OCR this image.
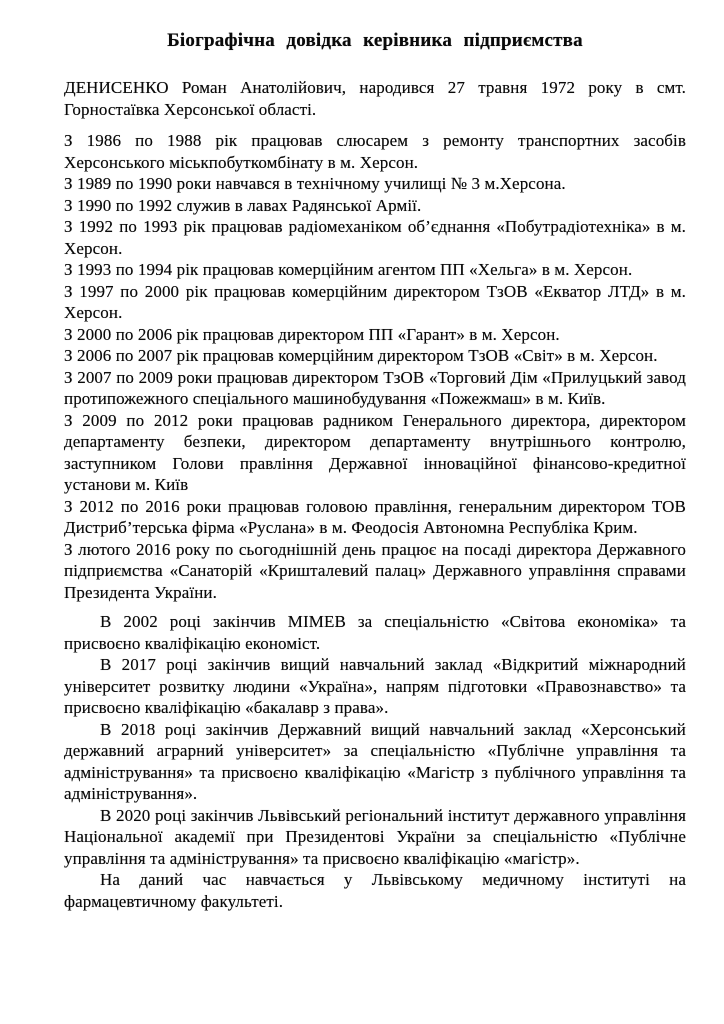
Біографічна довідка керівника підприємства

ДЕНИСЕНКО Роман Анатолійович, народився 27 травня 1972 року в смт. Горностаївка Херсонської області.

З 1986 по 1988 рік працював слюсарем з ремонту транспортних засобів Херсонського міськпобуткомбінату в м. Херсон.

З 1989 по 1990 роки навчався в технічному училищі № 3 м.Херсона.

З 1990 по 1992 служив в лавах Радянської Армії.

З 1992 по 1993 рік працював радіомеханіком об’єднання «Побутрадіотехніка» в м. Херсон.

З 1993 по 1994 рік працював комерційним агентом ПП «Хельга» в м. Херсон.

З 1997 по 2000 рік працював комерційним директором ТзОВ «Екватор ЛТД» в м. Херсон.

З 2000 по 2006 рік працював директором ПП «Гарант» в м. Херсон.

З 2006 по 2007 рік працював комерційним директором ТзОВ «Світ» в м. Херсон.

З 2007 по 2009 роки працював директором ТзОВ «Торговий Дім «Прилуцький завод протипожежного спеціального машинобудування «Пожежмаш» в м. Київ.

З 2009 по 2012 роки працював радником Генерального директора, директором департаменту безпеки, директором департаменту внутрішнього контролю, заступником Голови правління Державної інноваційної фінансово-кредитної установи м. Київ

З 2012 по 2016 роки працював головою правління, генеральним директором ТОВ Дистриб’терська фірма «Руслана» в м. Феодосія Автономна Республіка Крим.

З лютого 2016 року по сьогоднішній день працює на посаді директора Державного підприємства «Санаторій «Кришталевий палац» Державного управління справами Президента України.

В 2002 році закінчив МІМЕВ за спеціальністю «Світова економіка» та присвоєно кваліфікацію економіст.

В 2017 році закінчив вищий навчальний заклад «Відкритий міжнародний університет розвитку людини «Україна», напрям підготовки «Правознавство» та присвоєно кваліфікацію «бакалавр з права».

В 2018 році закінчив Державний вищий навчальний заклад «Херсонський державний аграрний університет» за спеціальністю «Публічне управління та адміністрування» та присвоєно кваліфікацію «Магістр з публічного управління та адміністрування».

В 2020 році закінчив Львівський регіональний інститут державного управління Національної академії при Президентові України за спеціальністю «Публічне управління та адміністрування» та присвоєно кваліфікацію «магістр».

На даний час навчається у Львівському медичному інституті на фармацевтичному факультеті.
